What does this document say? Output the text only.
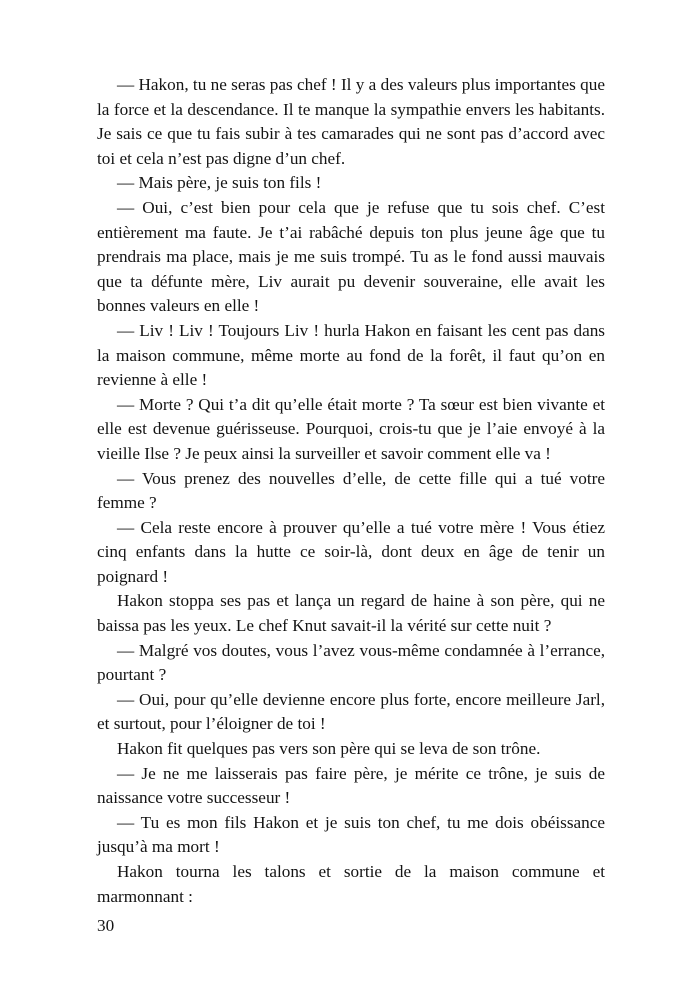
— Hakon, tu ne seras pas chef ! Il y a des valeurs plus importantes que la force et la descendance. Il te manque la sympathie envers les habitants. Je sais ce que tu fais subir à tes camarades qui ne sont pas d’accord avec toi et cela n’est pas digne d’un chef.

— Mais père, je suis ton fils !

— Oui, c’est bien pour cela que je refuse que tu sois chef. C’est entièrement ma faute. Je t’ai rabâché depuis ton plus jeune âge que tu prendrais ma place, mais je me suis trompé. Tu as le fond aussi mauvais que ta défunte mère, Liv aurait pu devenir souveraine, elle avait les bonnes valeurs en elle !

— Liv ! Liv ! Toujours Liv ! hurla Hakon en faisant les cent pas dans la maison commune, même morte au fond de la forêt, il faut qu’on en revienne à elle !

— Morte ? Qui t’a dit qu’elle était morte ? Ta sœur est bien vivante et elle est devenue guérisseuse. Pourquoi, crois-tu que je l’aie envoyé à la vieille Ilse ? Je peux ainsi la surveiller et savoir comment elle va !

— Vous prenez des nouvelles d’elle, de cette fille qui a tué votre femme ?

— Cela reste encore à prouver qu’elle a tué votre mère ! Vous étiez cinq enfants dans la hutte ce soir-là, dont deux en âge de tenir un poignard !

Hakon stoppa ses pas et lança un regard de haine à son père, qui ne baissa pas les yeux. Le chef Knut savait-il la vérité sur cette nuit ?

— Malgré vos doutes, vous l’avez vous-même condamnée à l’errance, pourtant ?

— Oui, pour qu’elle devienne encore plus forte, encore meilleure Jarl, et surtout, pour l’éloigner de toi !

Hakon fit quelques pas vers son père qui se leva de son trône.

— Je ne me laisserais pas faire père, je mérite ce trône, je suis de naissance votre successeur !

— Tu es mon fils Hakon et je suis ton chef, tu me dois obéissance jusqu’à ma mort !

Hakon tourna les talons et sortie de la maison commune et marmonnant :

30
